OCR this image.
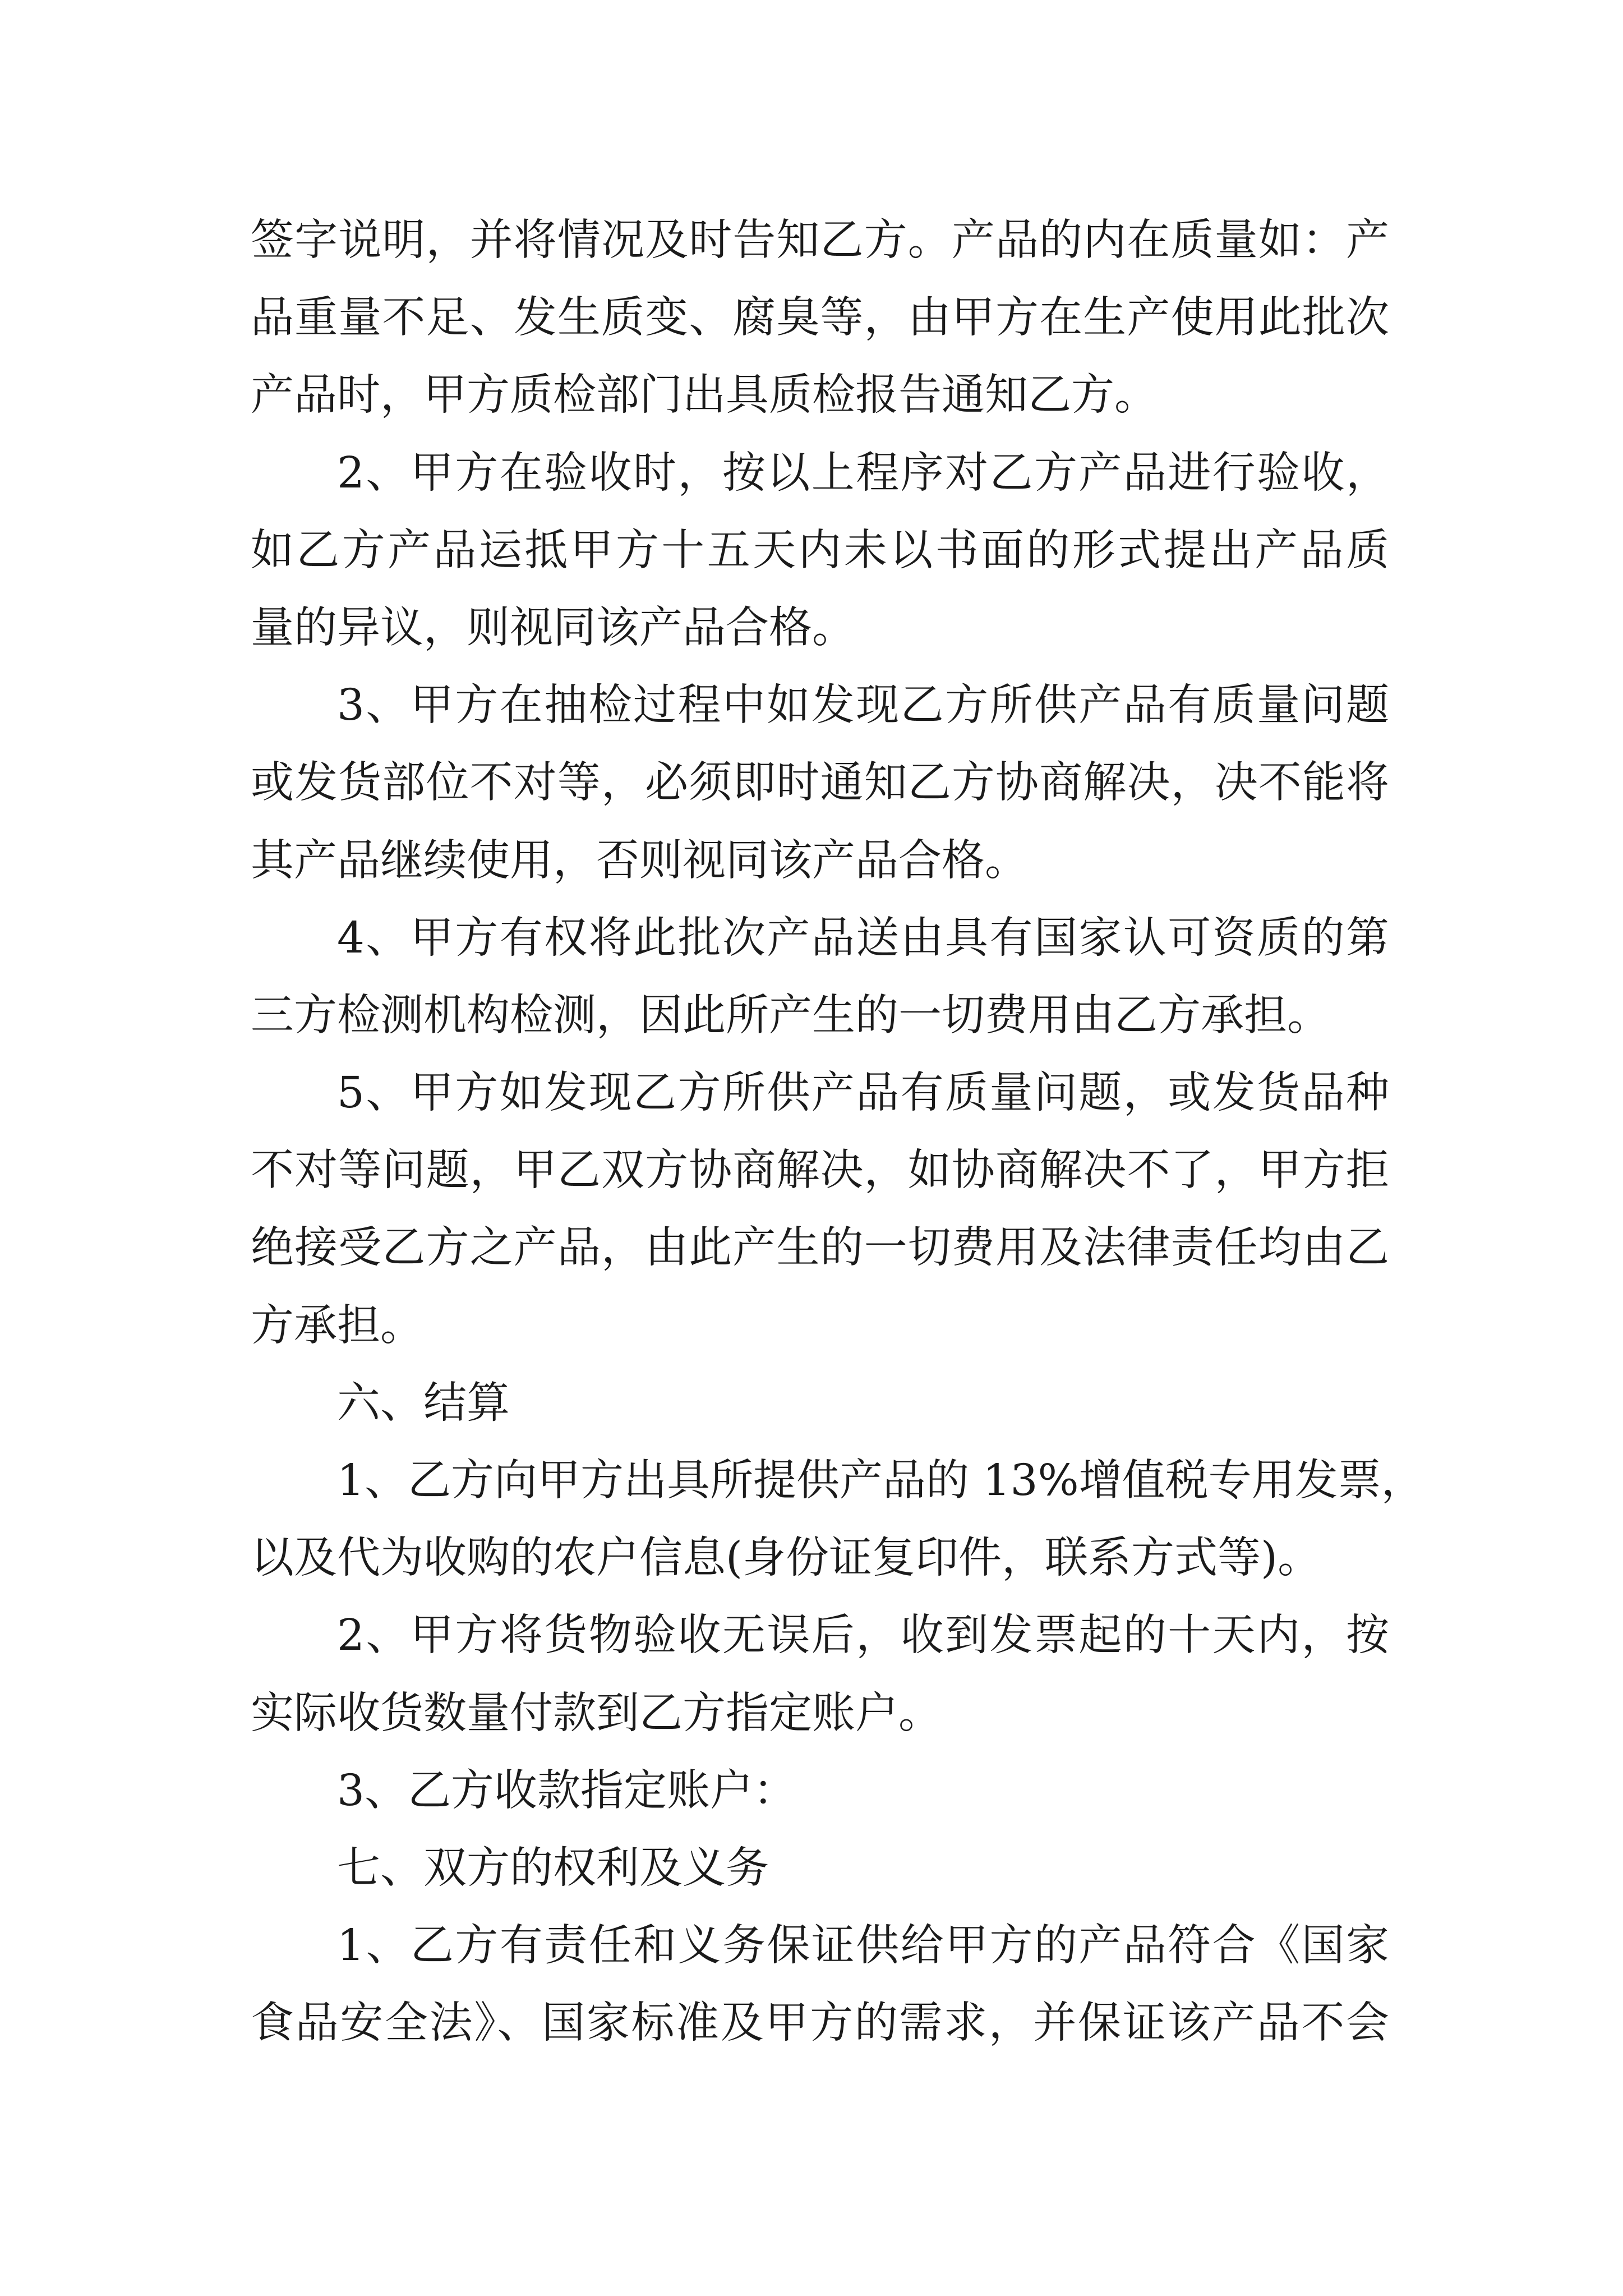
签字说明，并将情况及时告知乙方。产品的内在质量如：产
品重量不足、发生质变、腐臭等，由甲方在生产使用此批次
产品时，甲方质检部门出具质检报告通知乙方。
2、甲方在验收时，按以上程序对乙方产品进行验收，
如乙方产品运抵甲方十五天内未以书面的形式提出产品质
量的异议，则视同该产品合格。
3、甲方在抽检过程中如发现乙方所供产品有质量问题
或发货部位不对等，必须即时通知乙方协商解决，决不能将
其产品继续使用，否则视同该产品合格。
4、甲方有权将此批次产品送由具有国家认可资质的第
三方检测机构检测，因此所产生的一切费用由乙方承担。
5、甲方如发现乙方所供产品有质量问题，或发货品种
不对等问题，甲乙双方协商解决，如协商解决不了，甲方拒
绝接受乙方之产品，由此产生的一切费用及法律责任均由乙
方承担。
六、结算
1、乙方向甲方出具所提供产品的 13%增值税专用发票，
以及代为收购的农户信息(身份证复印件，联系方式等)。
2、甲方将货物验收无误后，收到发票起的十天内，按
实际收货数量付款到乙方指定账户。
3、乙方收款指定账户：
七、双方的权利及义务
1、乙方有责任和义务保证供给甲方的产品符合《国家
食品安全法》、国家标准及甲方的需求，并保证该产品不会
